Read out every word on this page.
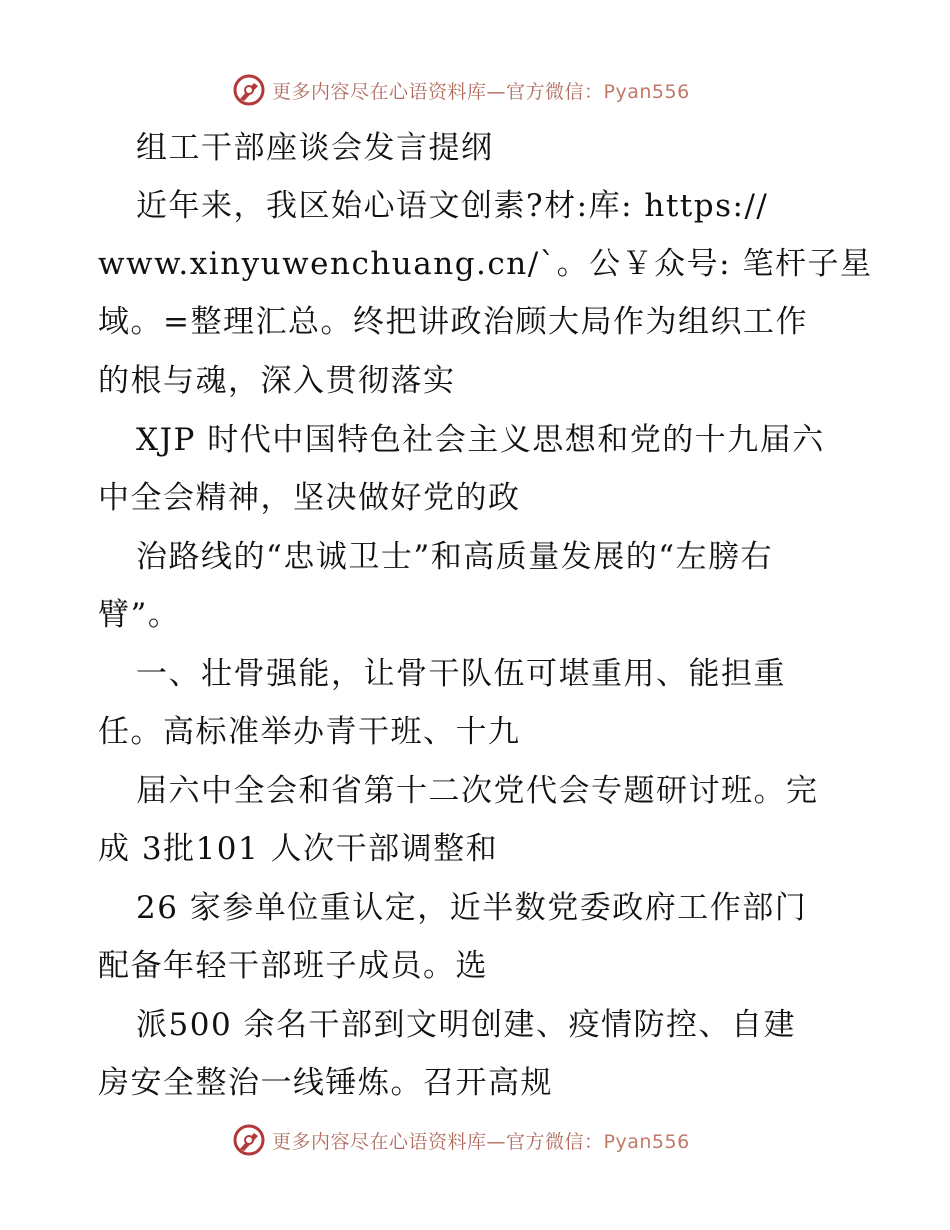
更多内容尽在心语资料库—官方微信：Pyan556
组工干部座谈会发言提纲
近年来，我区始心语文创素?材:库: https://
www.xinyuwenchuang.cn/`。公￥众号: 笔杆子星
域。=整理汇总。终把讲政治顾大局作为组织工作
的根与魂，深入贯彻落实
XJP 时代中国特色社会主义思想和党的十九届六
中全会精神，坚决做好党的政
治路线的“忠诚卫士”和高质量发展的“左膀右
臂”。
一、壮骨强能，让骨干队伍可堪重用、能担重
任。高标准举办青干班、十九
届六中全会和省第十二次党代会专题研讨班。完
成 3批101 人次干部调整和
26 家参单位重认定，近半数党委政府工作部门
配备年轻干部班子成员。选
派500 余名干部到文明创建、疫情防控、自建
房安全整治一线锤炼。召开高规
更多内容尽在心语资料库—官方微信：Pyan556
